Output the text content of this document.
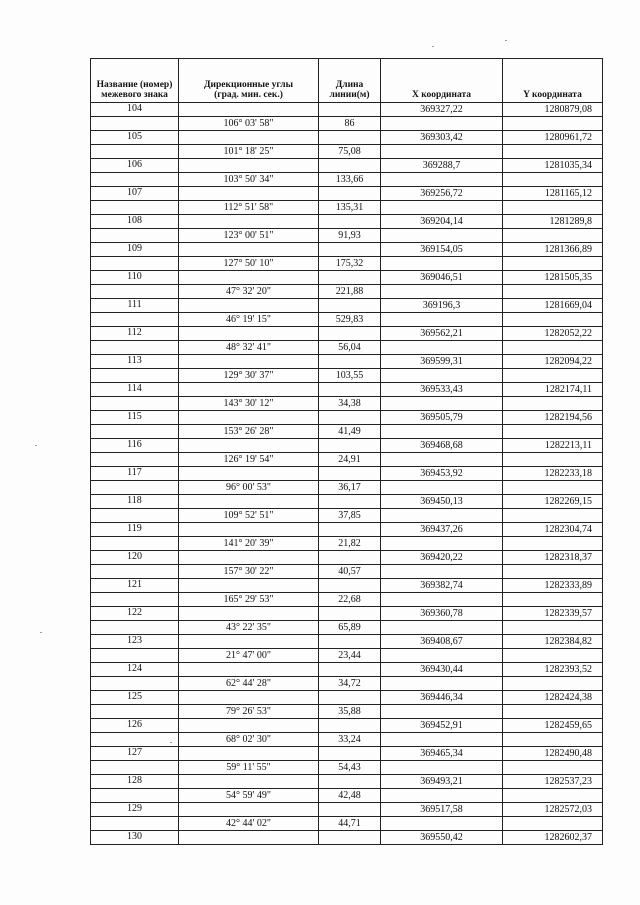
Название (номер) межевого знака	Дирекционные углы (град. мин. сек.)	Длина линии(м)	X координата	Y координата
104			369327,22	1280879,08
	106° 03' 58"	86		
105			369303,42	1280961,72
	101° 18' 25"	75,08		
106			369288,7	1281035,34
	103° 50' 34"	133,66		
107			369256,72	1281165,12
	112° 51' 58"	135,31		
108			369204,14	1281289,8
	123° 00' 51"	91,93		
109			369154,05	1281366,89
	127° 50' 10"	175,32		
110			369046,51	1281505,35
	47° 32' 20"	221,88		
111			369196,3	1281669,04
	46° 19' 15"	529,83		
112			369562,21	1282052,22
	48° 32' 41"	56,04		
113			369599,31	1282094,22
	129° 30' 37"	103,55		
114			369533,43	1282174,11
	143° 30' 12"	34,38		
115			369505,79	1282194,56
	153° 26' 28"	41,49		
116			369468,68	1282213,11
	126° 19' 54"	24,91		
117			369453,92	1282233,18
	96° 00' 53"	36,17		
118			369450,13	1282269,15
	109° 52' 51"	37,85		
119			369437,26	1282304,74
	141° 20' 39"	21,82		
120			369420,22	1282318,37
	157° 30' 22"	40,57		
121			369382,74	1282333,89
	165° 29' 53"	22,68		
122			369360,78	1282339,57
	43° 22' 35"	65,89		
123			369408,67	1282384,82
	21° 47' 00"	23,44		
124			369430,44	1282393,52
	62° 44' 28"	34,72		
125			369446,34	1282424,38
	79° 26' 53"	35,88		
126			369452,91	1282459,65
	68° 02' 30"	33,24		
127			369465,34	1282490,48
	59° 11' 55"	54,43		
128			369493,21	1282537,23
	54° 59' 49"	42,48		
129			369517,58	1282572,03
	42° 44' 02"	44,71		
130			369550,42	1282602,37
